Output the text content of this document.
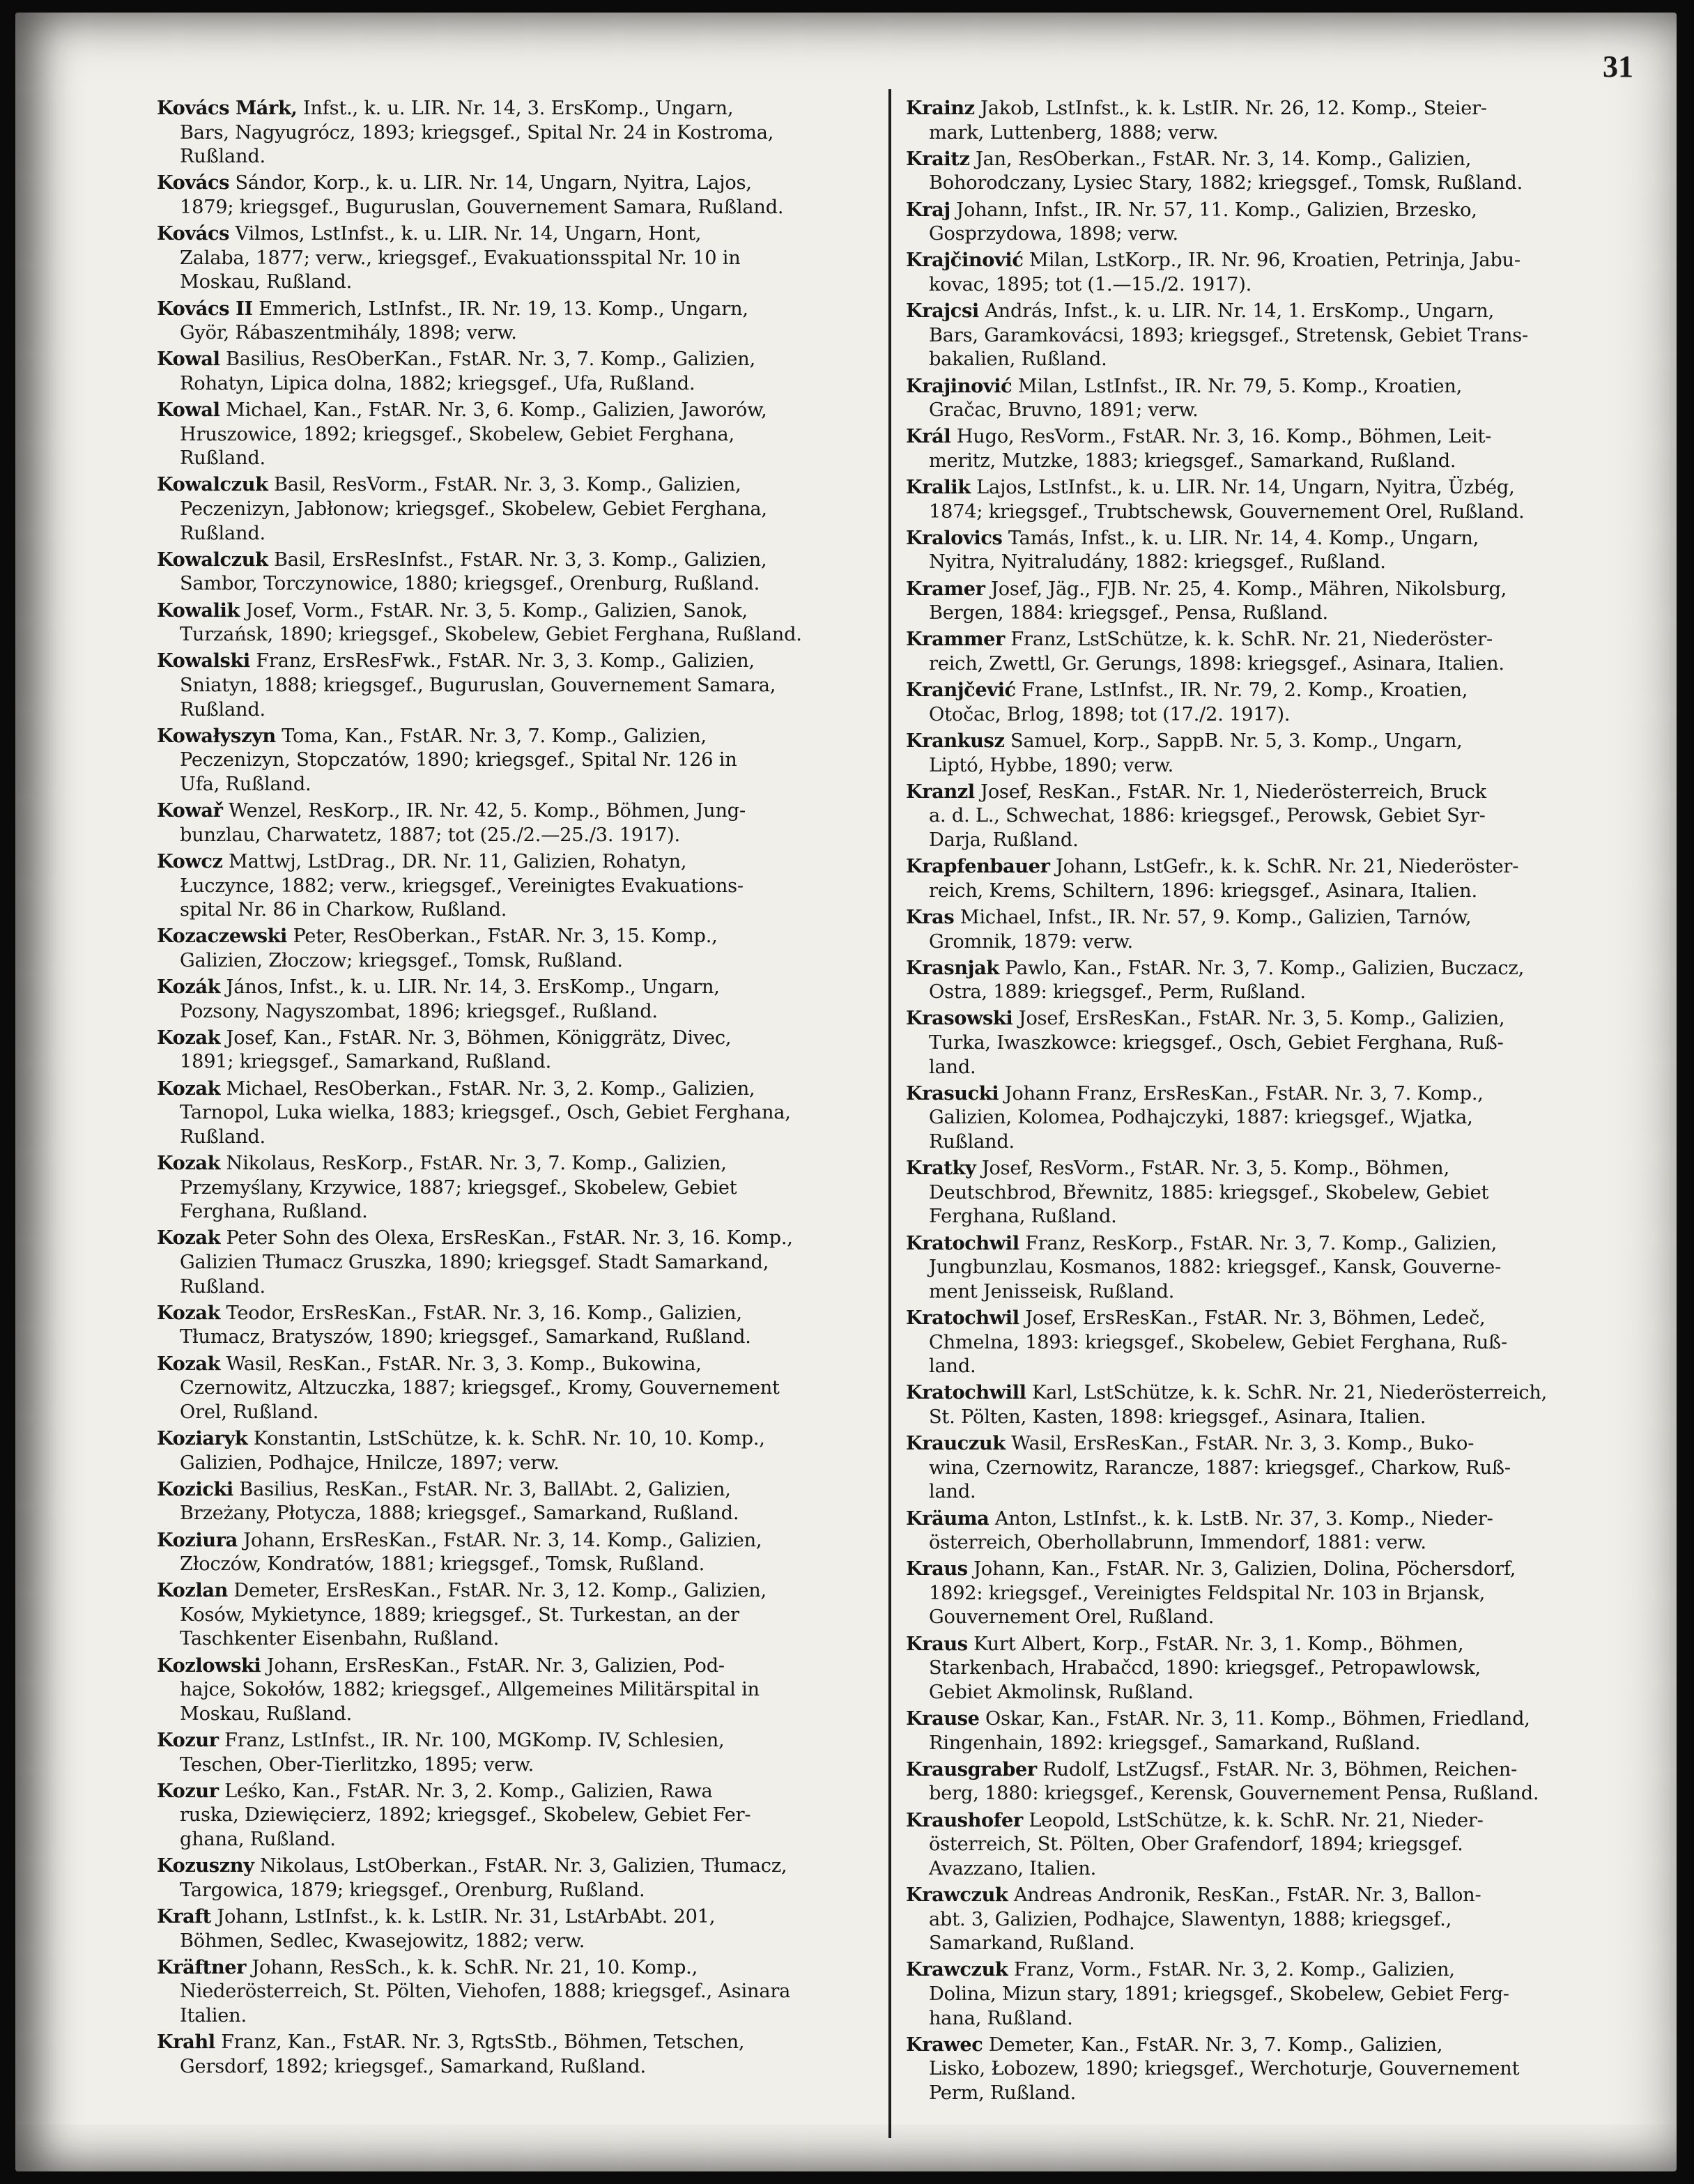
31

Kovács Márk, Infst., k. u. LIR. Nr. 14, 3. ErsKomp., Ungarn,
Bars, Nagyugrócz, 1893; kriegsgef., Spital Nr. 24 in Kostroma,
Rußland.

Kovács Sándor, Korp., k. u. LIR. Nr. 14, Ungarn, Nyitra, Lajos,
1879; kriegsgef., Buguruslan, Gouvernement Samara, Rußland.

Kovács Vilmos, LstInfst., k. u. LIR. Nr. 14, Ungarn, Hont,
Zalaba, 1877; verw., kriegsgef., Evakuationsspital Nr. 10 in
Moskau, Rußland.

Kovács II Emmerich, LstInfst., IR. Nr. 19, 13. Komp., Ungarn,
Györ, Rábaszentmihály, 1898; verw.

Kowal Basilius, ResOberKan., FstAR. Nr. 3, 7. Komp., Galizien,
Rohatyn, Lipica dolna, 1882; kriegsgef., Ufa, Rußland.

Kowal Michael, Kan., FstAR. Nr. 3, 6. Komp., Galizien, Jaworów,
Hruszowice, 1892; kriegsgef., Skobelew, Gebiet Ferghana,
Rußland.

Kowalczuk Basil, ResVorm., FstAR. Nr. 3, 3. Komp., Galizien,
Peczenizyn, Jabłonow; kriegsgef., Skobelew, Gebiet Ferghana,
Rußland.

Kowalczuk Basil, ErsResInfst., FstAR. Nr. 3, 3. Komp., Galizien,
Sambor, Torczynowice, 1880; kriegsgef., Orenburg, Rußland.

Kowalik Josef, Vorm., FstAR. Nr. 3, 5. Komp., Galizien, Sanok,
Turzańsk, 1890; kriegsgef., Skobelew, Gebiet Ferghana, Rußland.

Kowalski Franz, ErsResFwk., FstAR. Nr. 3, 3. Komp., Galizien,
Sniatyn, 1888; kriegsgef., Buguruslan, Gouvernement Samara,
Rußland.

Kowałyszyn Toma, Kan., FstAR. Nr. 3, 7. Komp., Galizien,
Peczenizyn, Stopczatów, 1890; kriegsgef., Spital Nr. 126 in
Ufa, Rußland.

Kowař Wenzel, ResKorp., IR. Nr. 42, 5. Komp., Böhmen, Jung-
bunzlau, Charwatetz, 1887; tot (25./2.—25./3. 1917).

Kowcz Mattwj, LstDrag., DR. Nr. 11, Galizien, Rohatyn,
Łuczynce, 1882; verw., kriegsgef., Vereinigtes Evakuations-
spital Nr. 86 in Charkow, Rußland.

Kozaczewski Peter, ResOberkan., FstAR. Nr. 3, 15. Komp.,
Galizien, Złoczow; kriegsgef., Tomsk, Rußland.

Kozák János, Infst., k. u. LIR. Nr. 14, 3. ErsKomp., Ungarn,
Pozsony, Nagyszombat, 1896; kriegsgef., Rußland.

Kozak Josef, Kan., FstAR. Nr. 3, Böhmen, Königgrätz, Divec,
1891; kriegsgef., Samarkand, Rußland.

Kozak Michael, ResOberkan., FstAR. Nr. 3, 2. Komp., Galizien,
Tarnopol, Luka wielka, 1883; kriegsgef., Osch, Gebiet Ferghana,
Rußland.

Kozak Nikolaus, ResKorp., FstAR. Nr. 3, 7. Komp., Galizien,
Przemyślany, Krzywice, 1887; kriegsgef., Skobelew, Gebiet
Ferghana, Rußland.

Kozak Peter Sohn des Olexa, ErsResKan., FstAR. Nr. 3, 16. Komp.,
Galizien Tłumacz Gruszka, 1890; kriegsgef. Stadt Samarkand,
Rußland.

Kozak Teodor, ErsResKan., FstAR. Nr. 3, 16. Komp., Galizien,
Tłumacz, Bratyszów, 1890; kriegsgef., Samarkand, Rußland.

Kozak Wasil, ResKan., FstAR. Nr. 3, 3. Komp., Bukowina,
Czernowitz, Altzuczka, 1887; kriegsgef., Kromy, Gouvernement
Orel, Rußland.

Koziaryk Konstantin, LstSchütze, k. k. SchR. Nr. 10, 10. Komp.,
Galizien, Podhajce, Hnilcze, 1897; verw.

Kozicki Basilius, ResKan., FstAR. Nr. 3, BallAbt. 2, Galizien,
Brzeżany, Płotycza, 1888; kriegsgef., Samarkand, Rußland.

Koziura Johann, ErsResKan., FstAR. Nr. 3, 14. Komp., Galizien,
Złoczów, Kondratów, 1881; kriegsgef., Tomsk, Rußland.

Kozlan Demeter, ErsResKan., FstAR. Nr. 3, 12. Komp., Galizien,
Kosów, Mykietynce, 1889; kriegsgef., St. Turkestan, an der
Taschkenter Eisenbahn, Rußland.

Kozlowski Johann, ErsResKan., FstAR. Nr. 3, Galizien, Pod-
hajce, Sokołów, 1882; kriegsgef., Allgemeines Militärspital in
Moskau, Rußland.

Kozur Franz, LstInfst., IR. Nr. 100, MGKomp. IV, Schlesien,
Teschen, Ober-Tierlitzko, 1895; verw.

Kozur Leśko, Kan., FstAR. Nr. 3, 2. Komp., Galizien, Rawa
ruska, Dziewięcierz, 1892; kriegsgef., Skobelew, Gebiet Fer-
ghana, Rußland.

Kozuszny Nikolaus, LstOberkan., FstAR. Nr. 3, Galizien, Tłumacz,
Targowica, 1879; kriegsgef., Orenburg, Rußland.

Kraft Johann, LstInfst., k. k. LstIR. Nr. 31, LstArbAbt. 201,
Böhmen, Sedlec, Kwasejowitz, 1882; verw.

Kräftner Johann, ResSch., k. k. SchR. Nr. 21, 10. Komp.,
Niederösterreich, St. Pölten, Viehofen, 1888; kriegsgef., Asinara
Italien.

Krahl Franz, Kan., FstAR. Nr. 3, RgtsStb., Böhmen, Tetschen,
Gersdorf, 1892; kriegsgef., Samarkand, Rußland.

Krainz Jakob, LstInfst., k. k. LstIR. Nr. 26, 12. Komp., Steier-
mark, Luttenberg, 1888; verw.

Kraitz Jan, ResOberkan., FstAR. Nr. 3, 14. Komp., Galizien,
Bohorodczany, Lysiec Stary, 1882; kriegsgef., Tomsk, Rußland.

Kraj Johann, Infst., IR. Nr. 57, 11. Komp., Galizien, Brzesko,
Gosprzydowa, 1898; verw.

Krajčinović Milan, LstKorp., IR. Nr. 96, Kroatien, Petrinja, Jabu-
kovac, 1895; tot (1.—15./2. 1917).

Krajcsi András, Infst., k. u. LIR. Nr. 14, 1. ErsKomp., Ungarn,
Bars, Garamkovácsi, 1893; kriegsgef., Stretensk, Gebiet Trans-
bakalien, Rußland.

Krajinović Milan, LstInfst., IR. Nr. 79, 5. Komp., Kroatien,
Gračac, Bruvno, 1891; verw.

Král Hugo, ResVorm., FstAR. Nr. 3, 16. Komp., Böhmen, Leit-
meritz, Mutzke, 1883; kriegsgef., Samarkand, Rußland.

Kralik Lajos, LstInfst., k. u. LIR. Nr. 14, Ungarn, Nyitra, Üzbég,
1874; kriegsgef., Trubtschewsk, Gouvernement Orel, Rußland.

Kralovics Tamás, Infst., k. u. LIR. Nr. 14, 4. Komp., Ungarn,
Nyitra, Nyitraludány, 1882: kriegsgef., Rußland.

Kramer Josef, Jäg., FJB. Nr. 25, 4. Komp., Mähren, Nikolsburg,
Bergen, 1884: kriegsgef., Pensa, Rußland.

Krammer Franz, LstSchütze, k. k. SchR. Nr. 21, Niederöster-
reich, Zwettl, Gr. Gerungs, 1898: kriegsgef., Asinara, Italien.

Kranjčević Frane, LstInfst., IR. Nr. 79, 2. Komp., Kroatien,
Otočac, Brlog, 1898; tot (17./2. 1917).

Krankusz Samuel, Korp., SappB. Nr. 5, 3. Komp., Ungarn,
Liptó, Hybbe, 1890; verw.

Kranzl Josef, ResKan., FstAR. Nr. 1, Niederösterreich, Bruck
a. d. L., Schwechat, 1886: kriegsgef., Perowsk, Gebiet Syr-
Darja, Rußland.

Krapfenbauer Johann, LstGefr., k. k. SchR. Nr. 21, Niederöster-
reich, Krems, Schiltern, 1896: kriegsgef., Asinara, Italien.

Kras Michael, Infst., IR. Nr. 57, 9. Komp., Galizien, Tarnów,
Gromnik, 1879: verw.

Krasnjak Pawlo, Kan., FstAR. Nr. 3, 7. Komp., Galizien, Buczacz,
Ostra, 1889: kriegsgef., Perm, Rußland.

Krasowski Josef, ErsResKan., FstAR. Nr. 3, 5. Komp., Galizien,
Turka, Iwaszkowce: kriegsgef., Osch, Gebiet Ferghana, Ruß-
land.

Krasucki Johann Franz, ErsResKan., FstAR. Nr. 3, 7. Komp.,
Galizien, Kolomea, Podhajczyki, 1887: kriegsgef., Wjatka,
Rußland.

Kratky Josef, ResVorm., FstAR. Nr. 3, 5. Komp., Böhmen,
Deutschbrod, Břewnitz, 1885: kriegsgef., Skobelew, Gebiet
Ferghana, Rußland.

Kratochwil Franz, ResKorp., FstAR. Nr. 3, 7. Komp., Galizien,
Jungbunzlau, Kosmanos, 1882: kriegsgef., Kansk, Gouverne-
ment Jenisseisk, Rußland.

Kratochwil Josef, ErsResKan., FstAR. Nr. 3, Böhmen, Ledeč,
Chmelna, 1893: kriegsgef., Skobelew, Gebiet Ferghana, Ruß-
land.

Kratochwill Karl, LstSchütze, k. k. SchR. Nr. 21, Niederösterreich,
St. Pölten, Kasten, 1898: kriegsgef., Asinara, Italien.

Krauczuk Wasil, ErsResKan., FstAR. Nr. 3, 3. Komp., Buko-
wina, Czernowitz, Rarancze, 1887: kriegsgef., Charkow, Ruß-
land.

Kräuma Anton, LstInfst., k. k. LstB. Nr. 37, 3. Komp., Nieder-
österreich, Oberhollabrunn, Immendorf, 1881: verw.

Kraus Johann, Kan., FstAR. Nr. 3, Galizien, Dolina, Pöchersdorf,
1892: kriegsgef., Vereinigtes Feldspital Nr. 103 in Brjansk,
Gouvernement Orel, Rußland.

Kraus Kurt Albert, Korp., FstAR. Nr. 3, 1. Komp., Böhmen,
Starkenbach, Hrabačcd, 1890: kriegsgef., Petropawlowsk,
Gebiet Akmolinsk, Rußland.

Krause Oskar, Kan., FstAR. Nr. 3, 11. Komp., Böhmen, Friedland,
Ringenhain, 1892: kriegsgef., Samarkand, Rußland.

Krausgraber Rudolf, LstZugsf., FstAR. Nr. 3, Böhmen, Reichen-
berg, 1880: kriegsgef., Kerensk, Gouvernement Pensa, Rußland.

Kraushofer Leopold, LstSchütze, k. k. SchR. Nr. 21, Nieder-
österreich, St. Pölten, Ober Grafendorf, 1894; kriegsgef.
Avazzano, Italien.

Krawczuk Andreas Andronik, ResKan., FstAR. Nr. 3, Ballon-
abt. 3, Galizien, Podhajce, Slawentyn, 1888; kriegsgef.,
Samarkand, Rußland.

Krawczuk Franz, Vorm., FstAR. Nr. 3, 2. Komp., Galizien,
Dolina, Mizun stary, 1891; kriegsgef., Skobelew, Gebiet Ferg-
hana, Rußland.

Krawec Demeter, Kan., FstAR. Nr. 3, 7. Komp., Galizien,
Lisko, Łobozew, 1890; kriegsgef., Werchoturje, Gouvernement
Perm, Rußland.
